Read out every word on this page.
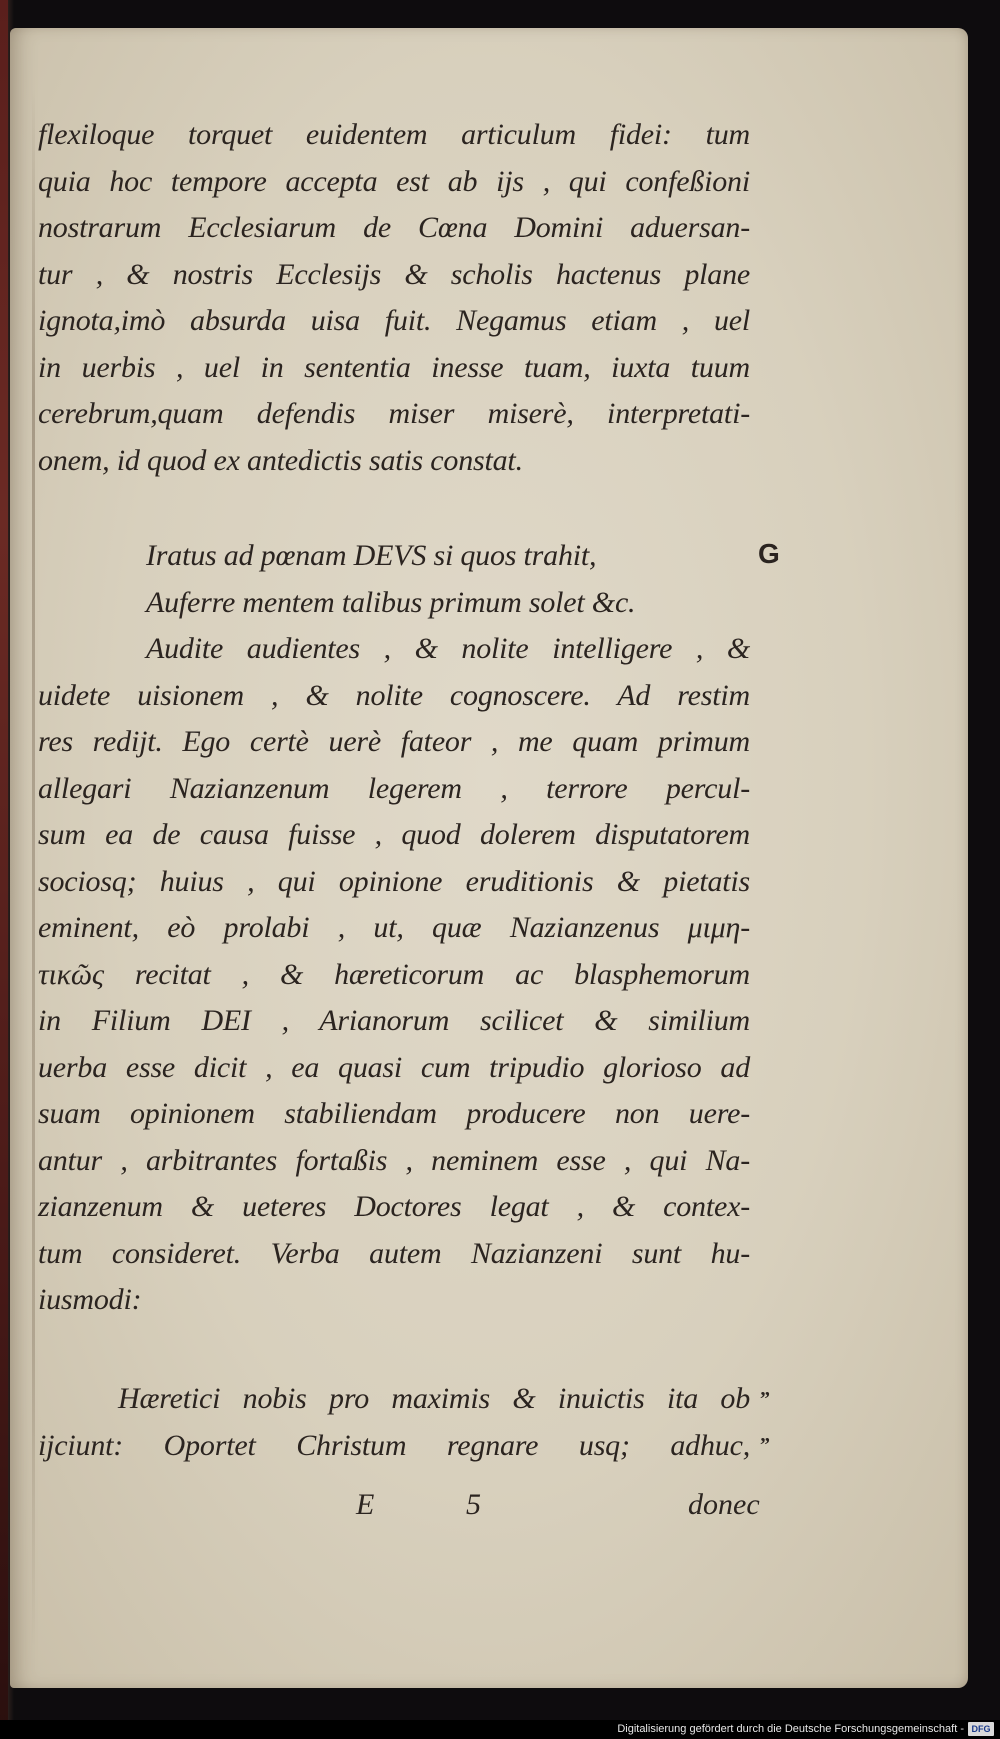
flexiloque torquet euidentem articulum fidei: tum
quia hoc tempore accepta est ab ijs , qui confeßioni
nostrarum Ecclesiarum de Cœna Domini aduersan-
tur , & nostris Ecclesijs & scholis hactenus plane
ignota,imò absurda uisa fuit. Negamus etiam , uel
in uerbis , uel in sententia inesse tuam, iuxta tuum
cerebrum,quam defendis miser miserè, interpretati-
onem, id quod ex antedictis satis constat.
Iratus ad pœnam DEVS si quos trahit,
Auferre mentem talibus primum solet &c.
Audite audientes , & nolite intelligere , &
uidete uisionem , & nolite cognoscere. Ad restim
res redijt. Ego certè uerè fateor , me quam primum
allegari Nazianzenum legerem , terrore percul-
sum ea de causa fuisse , quod dolerem disputatorem
sociosq; huius , qui opinione eruditionis & pietatis
eminent, eò prolabi , ut, quæ Nazianzenus μιμη-
τικῶς recitat , & hæreticorum ac blasphemorum
in Filium DEI , Arianorum scilicet & similium
uerba esse dicit , ea quasi cum tripudio glorioso ad
suam opinionem stabiliendam producere non uere-
antur , arbitrantes fortaßis , neminem esse , qui Na-
zianzenum & ueteres Doctores legat , & contex-
tum consideret. Verba autem Nazianzeni sunt hu-
iusmodi:
G
Hæretici nobis pro maximis & inuictis ita ob
ijciunt: Oportet Christum regnare usq; adhuc,
”
”
E	5	donec
Digitalisierung gefördert durch die Deutsche Forschungsgemeinschaft - DFG
